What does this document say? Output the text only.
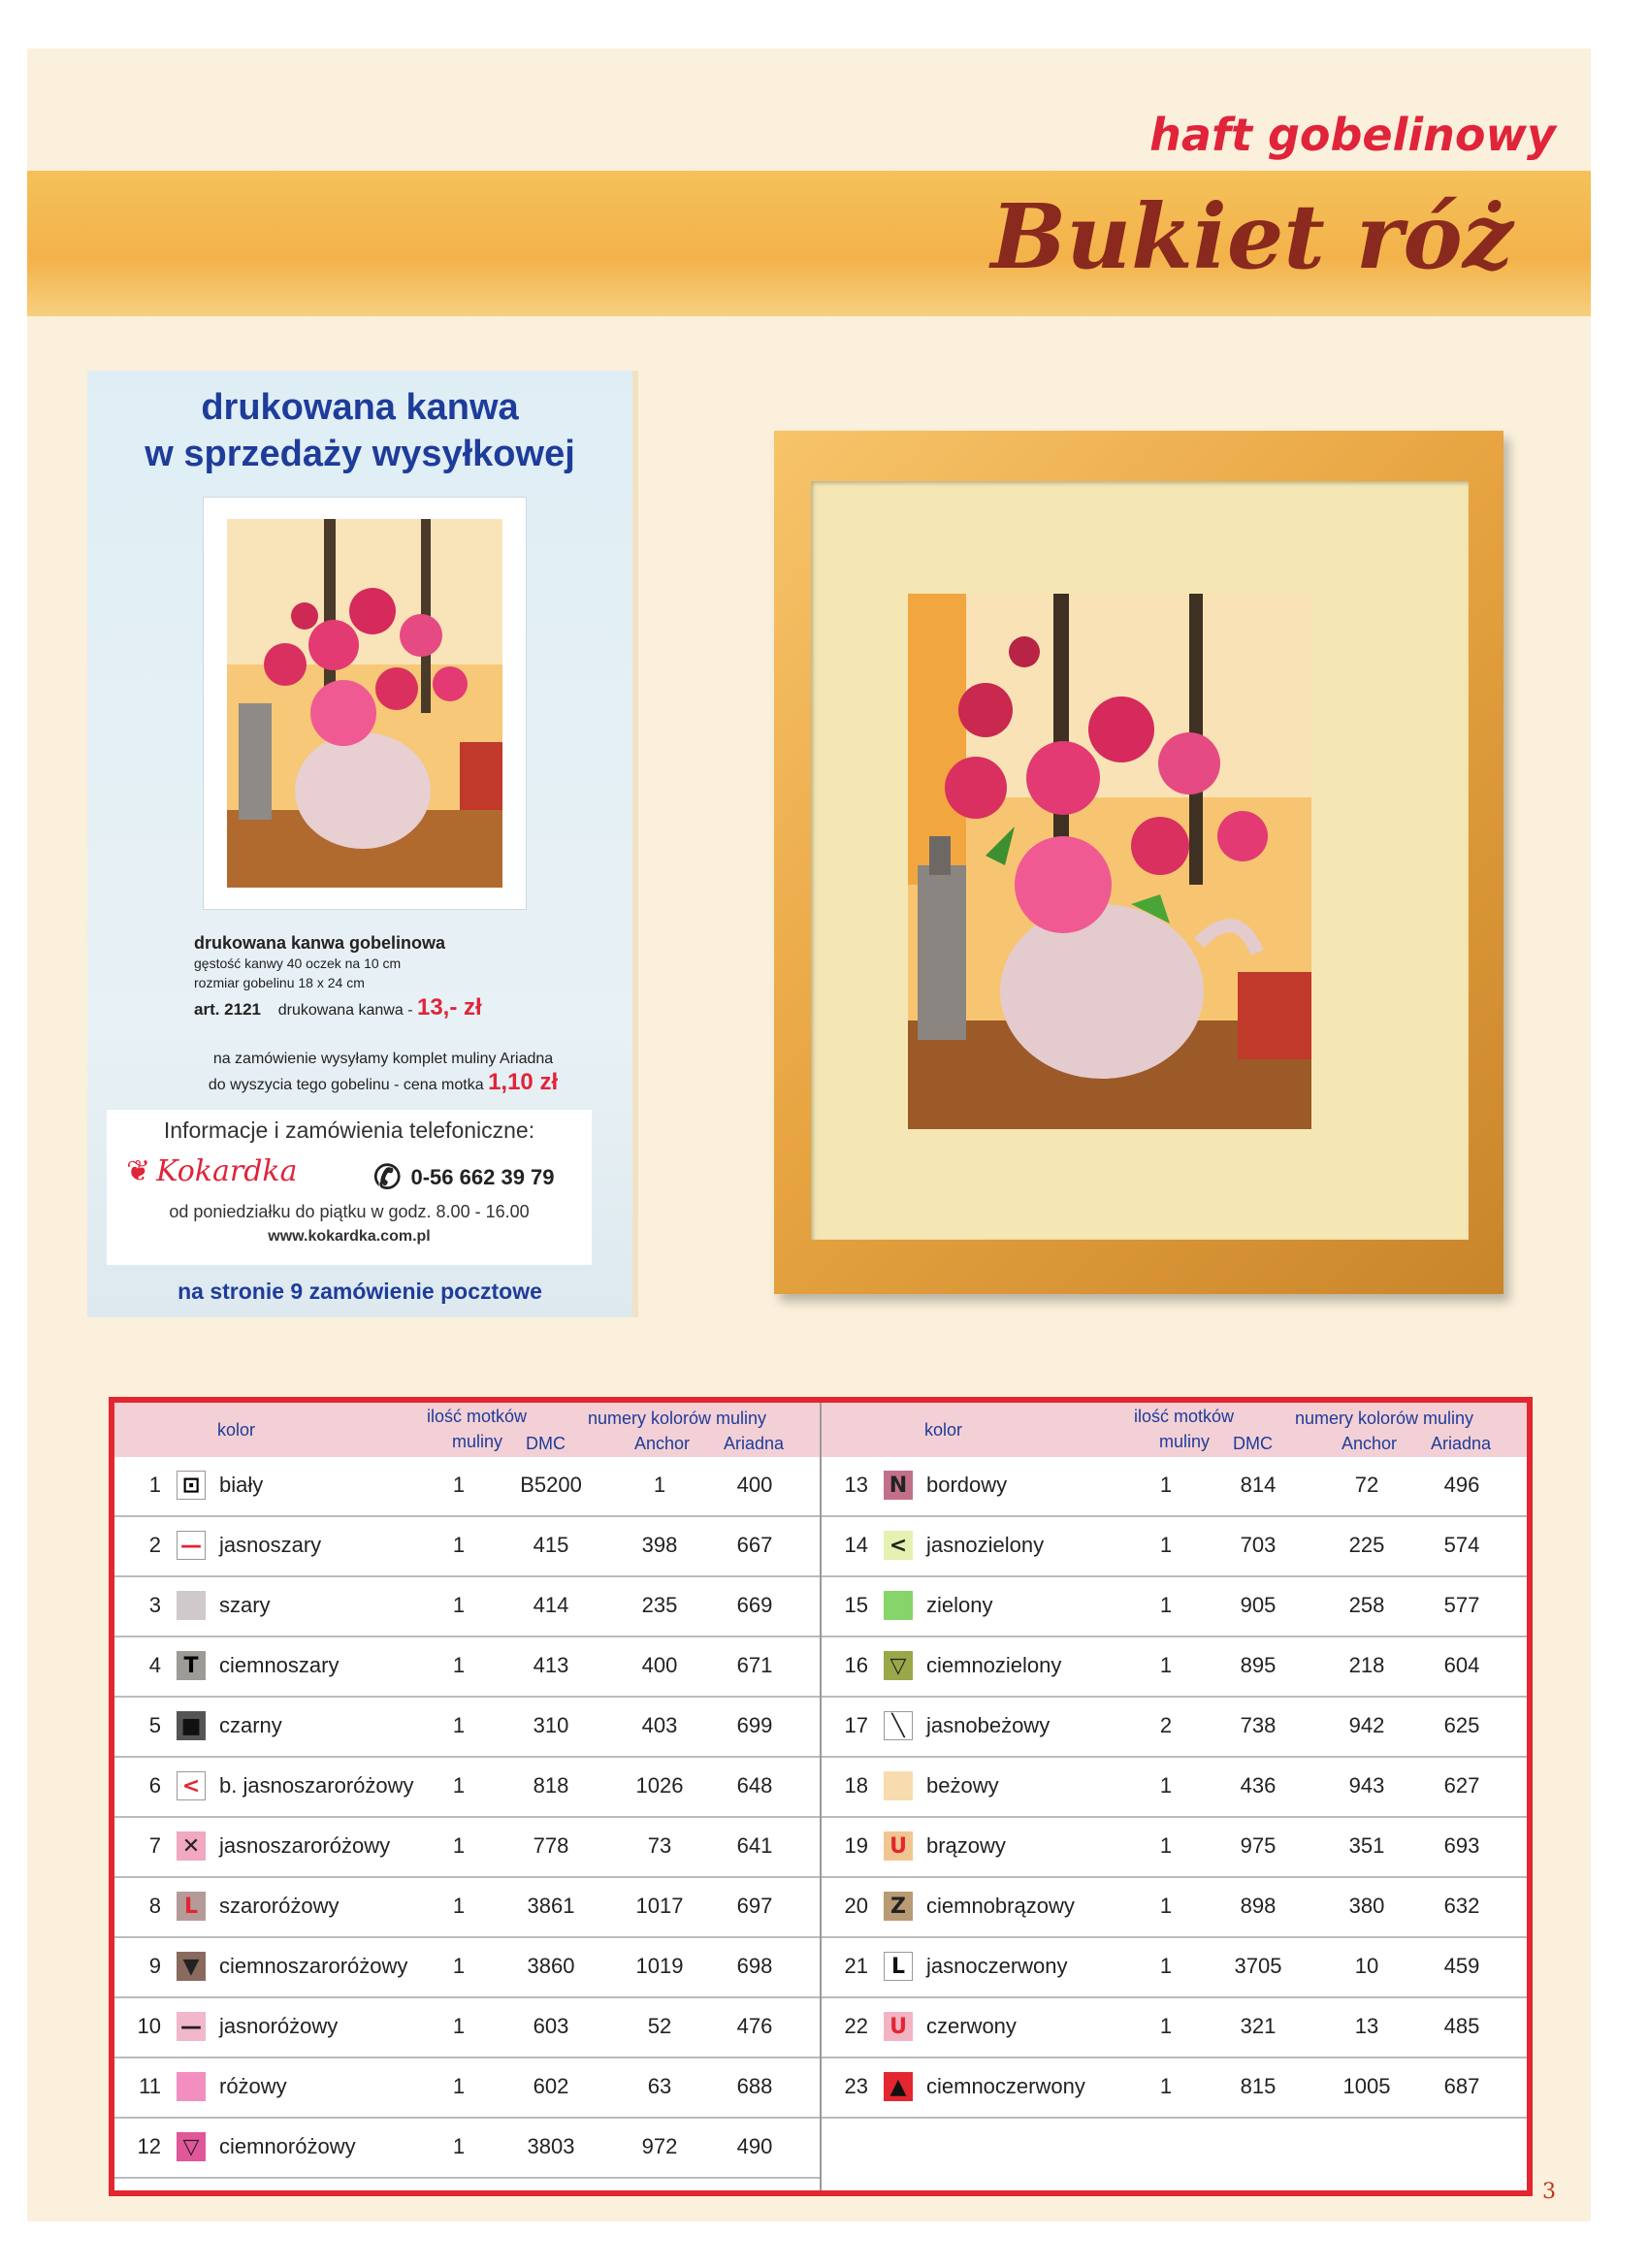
haft gobelinowy
Bukiet róż
drukowana kanwa
w sprzedaży wysyłkowej
drukowana kanwa gobelinowa
gęstość kanwy 40 oczek na 10 cm
rozmiar gobelinu 18 x 24 cm
art. 2121 drukowana kanwa - 13,- zł
na zamówienie wysyłamy komplet muliny Ariadna
do wyszycia tego gobelinu - cena motka 1,10 zł
Informacje i zamówienia telefoniczne:
❦ Kokardka ✆ 0-56 662 39 79
od poniedziałku do piątku w godz. 8.00 - 16.00
www.kokardka.com.pl
na stronie 9 zamówienie pocztowe
kolor
ilość motków
muliny
numery kolorów muliny
DMC	Anchor Ariadna
1	biały	1	B5200	1	400
⊡
2	jasnoszary	1	415	398	667
—
3	szary	1	414	235	669
4	ciemnoszary	1	413	400	671
T
5	czarny	1	310	403	699
■
6	b. jasnoszaroróżowy	1	818	1026	648
<
7	jasnoszaroróżowy	1	778	73	641
✕
8	szaroróżowy	1	3861	1017	697
L
9	ciemnoszaroróżowy	1	3860	1019	698
▼
10	jasnoróżowy	1	603	52	476
—
11	różowy	1	602	63	688
12	ciemnoróżowy	1	3803	972	490
▽
kolor
ilość motków
muliny
numery kolorów muliny
DMC	Anchor Ariadna
13	bordowy	1	814	72	496
N
14	jasnozielony	1	703	225	574
<
15	zielony	1	905	258	577
16	ciemnozielony	1	895	218	604
▽
17	jasnobeżowy	2	738	942	625
╲
18	beżowy	1	436	943	627
19	brązowy	1	975	351	693
U
20	ciemnobrązowy	1	898	380	632
Z
21	jasnoczerwony	1	3705	10	459
L
22	czerwony	1	321	13	485
U
23	ciemnoczerwony	1	815	1005	687
▲
3
